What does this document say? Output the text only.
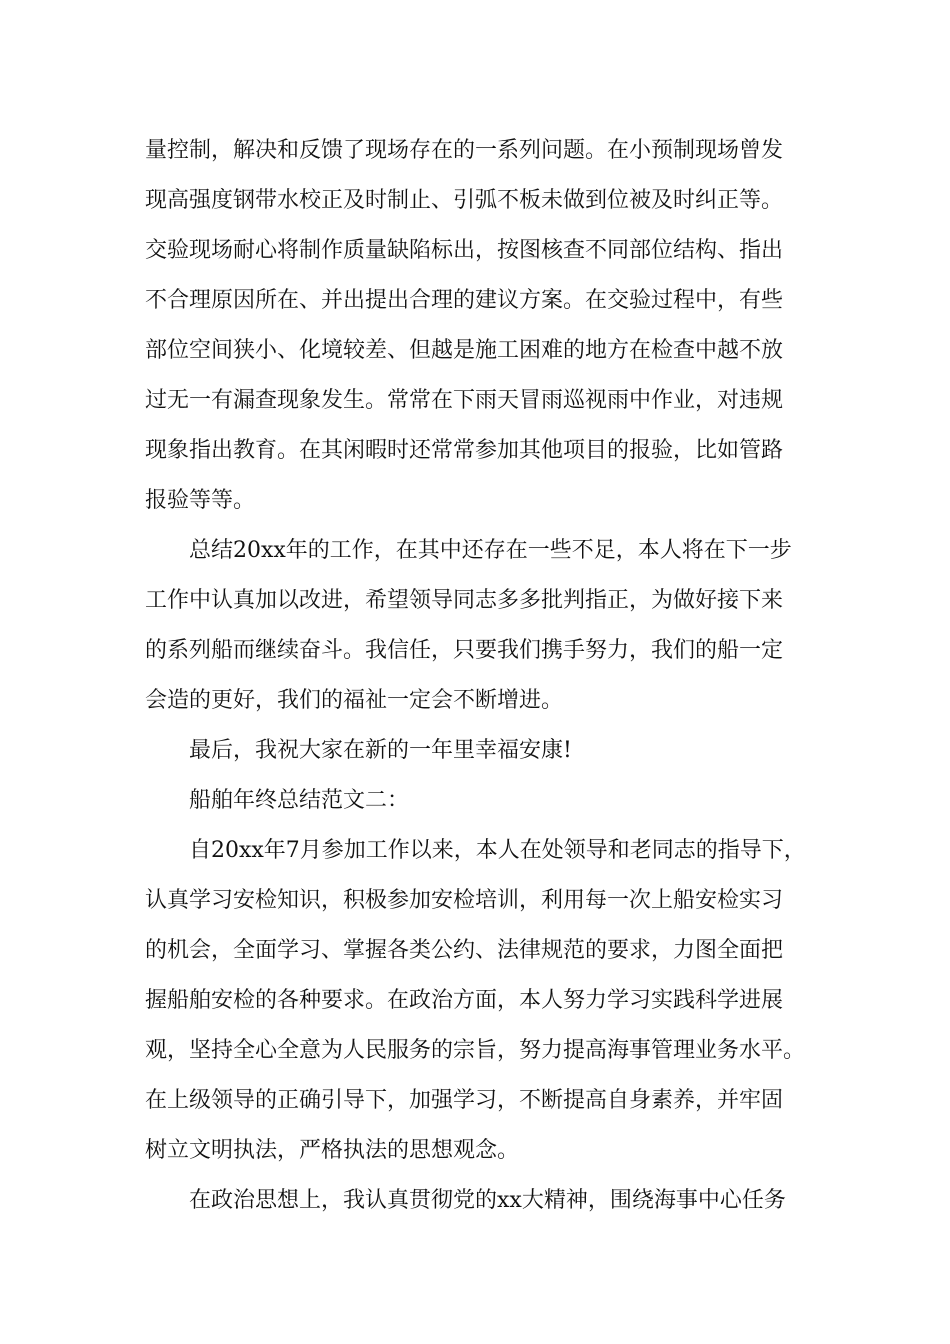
量控制，解决和反馈了现场存在的一系列问题。在小预制现场曾发

现高强度钢带水校正及时制止、引弧不板未做到位被及时纠正等。

交验现场耐心将制作质量缺陷标出，按图核查不同部位结构、指出

不合理原因所在、并出提出合理的建议方案。在交验过程中，有些

部位空间狭小、化境较差、但越是施工困难的地方在检查中越不放

过无一有漏查现象发生。常常在下雨天冒雨巡视雨中作业，对违规

现象指出教育。在其闲暇时还常常参加其他项目的报验，比如管路

报验等等。

总结20xx年的工作，在其中还存在一些不足，本人将在下一步

工作中认真加以改进，希望领导同志多多批判指正，为做好接下来

的系列船而继续奋斗。我信任，只要我们携手努力，我们的船一定

会造的更好，我们的福祉一定会不断增进。

最后，我祝大家在新的一年里幸福安康!

船舶年终总结范文二：

自20xx年7月参加工作以来，本人在处领导和老同志的指导下，

认真学习安检知识，积极参加安检培训，利用每一次上船安检实习

的机会，全面学习、掌握各类公约、法律规范的要求，力图全面把

握船舶安检的各种要求。在政治方面，本人努力学习实践科学进展

观，坚持全心全意为人民服务的宗旨，努力提高海事管理业务水平。

在上级领导的正确引导下，加强学习，不断提高自身素养，并牢固

树立文明执法，严格执法的思想观念。

在政治思想上，我认真贯彻党的xx大精神，围绕海事中心任务
